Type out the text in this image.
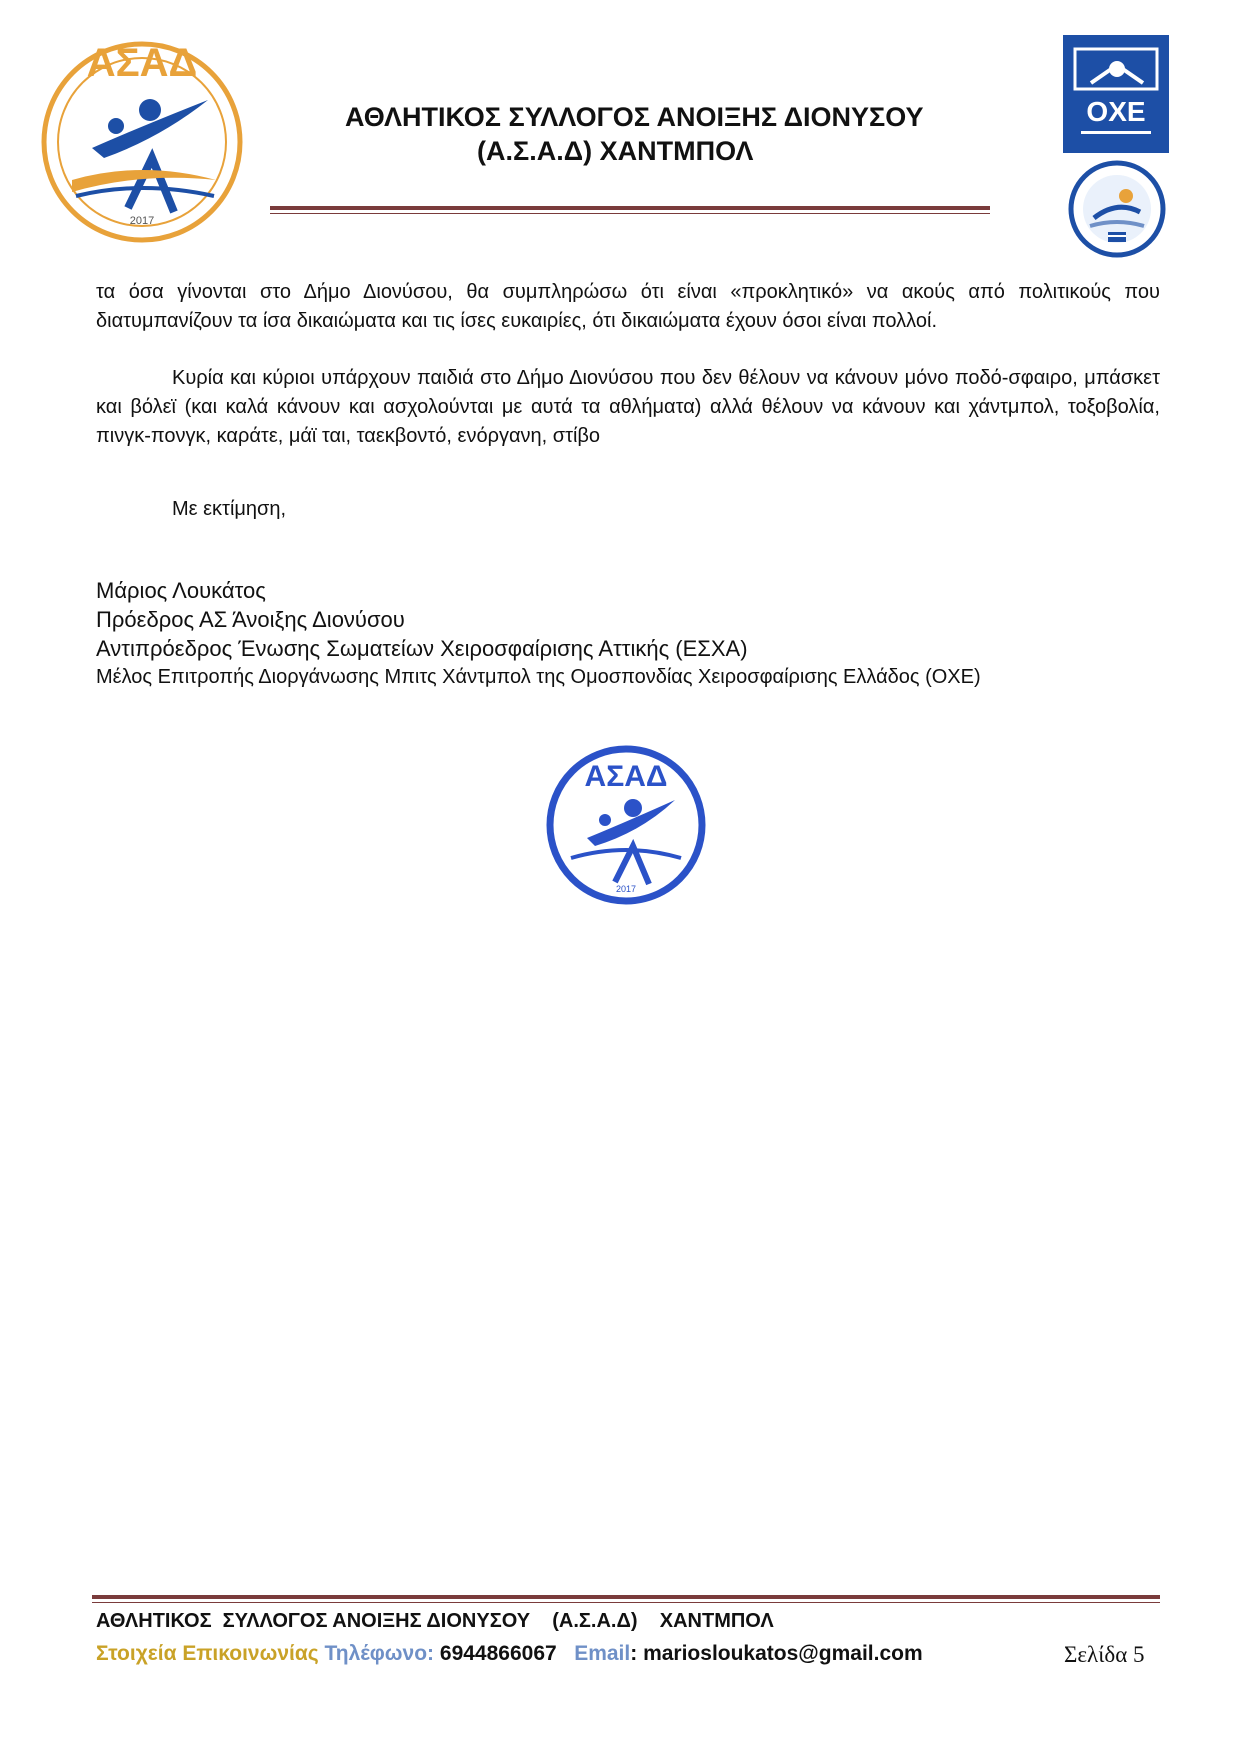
ΑΣΑΔ
2017
ΑΘΛΗΤΙΚΟΣ ΣΥΛΛΟΓΟΣ ΑΝΟΙΞΗΣ ΔΙΟΝΥΣΟΥ
(Α.Σ.Α.Δ) ΧΑΝΤΜΠΟΛ
ΟΧΕ

τα όσα γίνονται στο Δήμο Διονύσου, θα συμπληρώσω ότι είναι «προκλητικό» να ακούς από πολιτικούς που διατυμπανίζουν τα ίσα δικαιώματα και τις ίσες ευκαιρίες, ότι δικαιώματα έχουν όσοι είναι πολλοί.

Κυρία και κύριοι υπάρχουν παιδιά στο Δήμο Διονύσου που δεν θέλουν να κάνουν μόνο ποδό-σφαιρο, μπάσκετ και βόλεϊ (και καλά κάνουν και ασχολούνται με αυτά τα αθλήματα) αλλά θέλουν να κάνουν και χάντμπολ, τοξοβολία, πινγκ-πονγκ, καράτε, μάϊ ται, ταεκβοντό, ενόργανη, στίβο

Με εκτίμηση,
Μάριος Λουκάτος
Πρόεδρος ΑΣ Άνοιξης Διονύσου
Αντιπρόεδρος Ένωσης Σωματείων Χειροσφαίρισης Αττικής (ΕΣΧΑ)
Μέλος Επιτροπής Διοργάνωσης Μπιτς Χάντμπολ της Ομοσπονδίας Χειροσφαίρισης Ελλάδος (ΟΧΕ)
ΑΣΑΔ
2017
ΑΘΛΗΤΙΚΟΣ  ΣΥΛΛΟΓΟΣ ΑΝΟΙΞΗΣ ΔΙΟΝΥΣΟΥ    (Α.Σ.Α.Δ)    ΧΑΝΤΜΠΟΛ
Στοιχεία Επικοινωνίας Τηλέφωνο: 6944866067 Email: mariosloukatos@gmail.com	Σελίδα 5
